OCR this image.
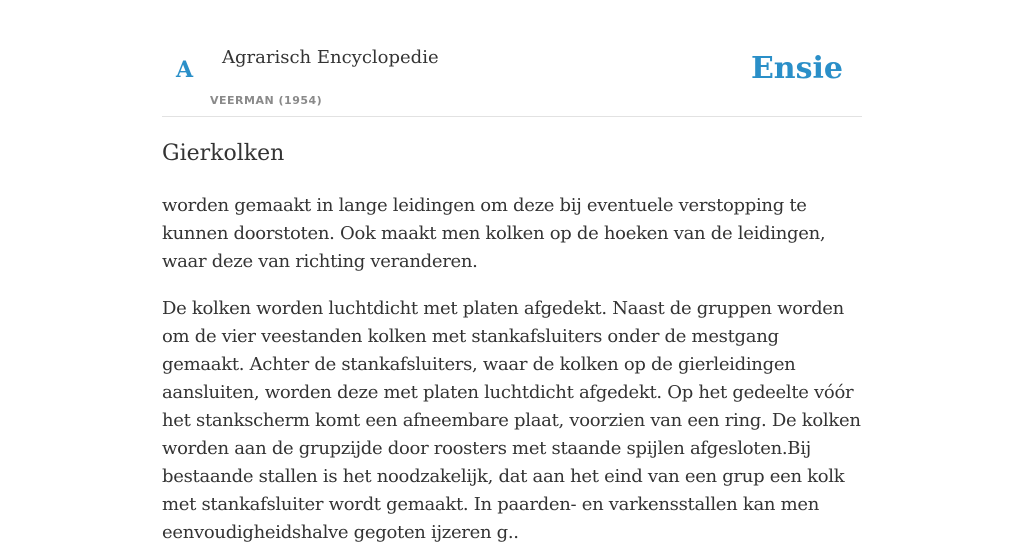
A Agrarisch Encyclopedie
VEERMAN (1954)
Ensie
Gierkolken

worden gemaakt in lange leidingen om deze bij eventuele verstopping te kunnen doorstoten. Ook maakt men kolken op de hoeken van de leidingen, waar deze van richting veranderen.

De kolken worden luchtdicht met platen afgedekt. Naast de gruppen worden om de vier veestanden kolken met stankafsluiters onder de mestgang gemaakt. Achter de stankafsluiters, waar de kolken op de gierleidingen aansluiten, worden deze met platen luchtdicht afgedekt. Op het gedeelte vóór het stankscherm komt een afneembare plaat, voorzien van een ring. De kolken worden aan de grupzijde door roosters met staande spijlen afgesloten.Bij bestaande stallen is het noodzakelijk, dat aan het eind van een grup een kolk met stankafsluiter wordt gemaakt. In paarden- en varkensstallen kan men eenvoudigheidshalve gegoten ijzeren g..
